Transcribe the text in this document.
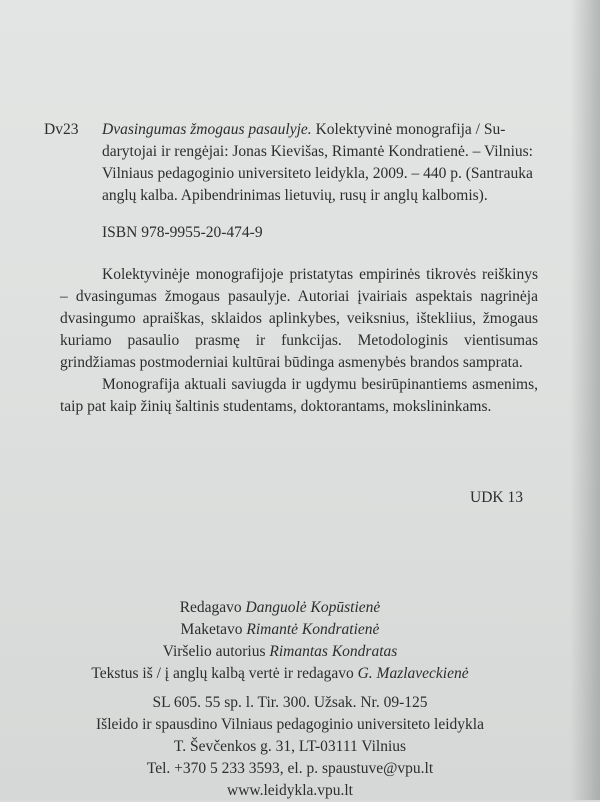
Dv23 Dvasingumas žmogaus pasaulyje. Kolektyvinė monografija / Su-
darytojai ir rengėjai: Jonas Kievišas, Rimantė Kondratienė. – Vilnius:
Vilniaus pedagoginio universiteto leidykla, 2009. – 440 p. (Santrauka
anglų kalba. Apibendrinimas lietuvių, rusų ir anglų kalbomis).
ISBN 978-9955-20-474-9

Kolektyvinėje monografijoje pristatytas empirinės tikrovės reiškinys – dvasingumas žmogaus pasaulyje. Autoriai įvairiais aspektais nagrinėja dvasingumo apraiškas, sklaidos aplinkybes, veiksnius, ištekliius, žmogaus kuriamo pasaulio prasmę ir funkcijas. Metodologinis vientisumas grindžiamas postmoderniai kultūrai būdinga asmenybės brandos samprata.

Monografija aktuali saviugda ir ugdymu besirūpinantiems asmenims, taip pat kaip žinių šaltinis studentams, doktorantams, mokslininkams.

UDK 13
Redagavo Danguolė Kopūstienė
Maketavo Rimantė Kondratienė
Viršelio autorius Rimantas Kondratas
Tekstus iš / į anglų kalbą vertė ir redagavo G. Mazlaveckienė
SL 605. 55 sp. l. Tir. 300. Užsak. Nr. 09-125
Išleido ir spausdino Vilniaus pedagoginio universiteto leidykla
T. Ševčenkos g. 31, LT-03111 Vilnius
Tel. +370 5 233 3593, el. p. spaustuve@vpu.lt
www.leidykla.vpu.lt
